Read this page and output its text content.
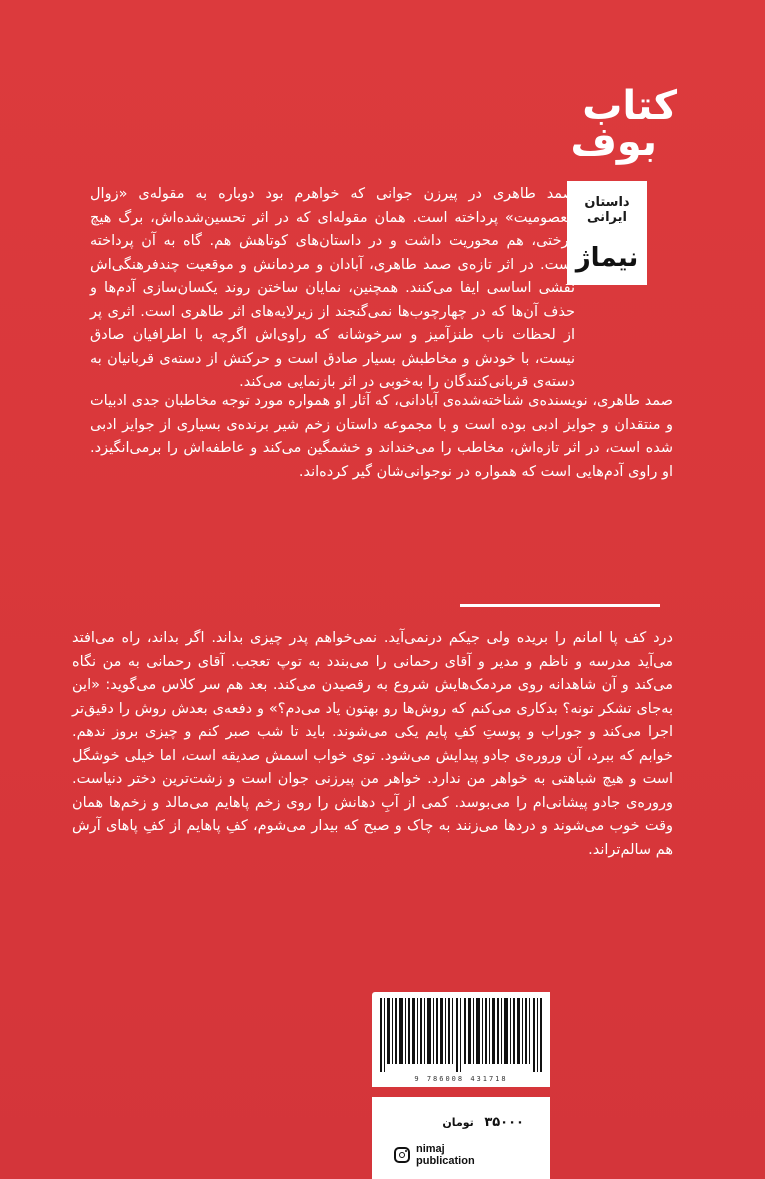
کتاب
بوف
داستان ایرانی
نیماژ

صمد طاهری در پیرزن جوانی که خواهرم بود دوباره به مقوله‌ی «زوال معصومیت» پرداخته است. همان مقوله‌ای که در اثر تحسین‌شده‌اش، برگ هیچ درختی، هم محوریت داشت و در داستان‌های کوتاهش هم. گاه به آن پرداخته است. در اثر تازه‌ی صمد طاهری، آبادان و مردمانش و موقعیت چندفرهنگی‌اش نقشی اساسی ایفا می‌کنند. همچنین، نمایان ساختن روند یکسان‌سازی آدم‌ها و حذف آن‌ها که در چهارچوب‌ها نمی‌گنجند از زیرلایه‌های اثر طاهری است. اثری پر از لحظات ناب طنزآمیز و سرخوشانه که راوی‌اش اگرچه با اطرافیان صادق نیست، با خودش و مخاطبش بسیار صادق است و حرکتش از دسته‌ی قربانیان به دسته‌ی قربانی‌کنندگان را به‌خوبی در اثر بازنمایی می‌کند.

صمد طاهری، نویسنده‌ی شناخته‌شده‌ی آبادانی، که آثار او همواره مورد توجه مخاطبان جدی ادبیات و منتقدان و جوایز ادبی بوده است و با مجموعه داستان زخم شیر برنده‌ی بسیاری از جوایز ادبی شده است، در اثر تازه‌اش، مخاطب را می‌خنداند و خشمگین می‌کند و عاطفه‌اش را برمی‌انگیزد. او راوی آدم‌هایی است که همواره در نوجوانی‌شان گیر کرده‌اند.

درد کف پا امانم را بریده ولی جیکم درنمی‌آید. نمی‌خواهم پدر چیزی بداند. اگر بداند، راه می‌افتد می‌آید مدرسه و ناظم و مدیر و آقای رحمانی را می‌بندد به توپ تعجب. آقای رحمانی به من نگاه می‌کند و آن شاهدانه روی مردمک‌هایش شروع به رقصیدن می‌کند. بعد هم سر کلاس می‌گوید: «این به‌جای تشکر تونه؟ بدکاری می‌کنم که روش‌ها رو بهتون یاد می‌دم؟» و دفعه‌ی بعدش روش را دقیق‌تر اجرا می‌کند و جوراب و پوستِ کفِ پایم یکی می‌شوند. باید تا شب صبر کنم و چیزی بروز ندهم. خوابم که ببرد، آن وروره‌ی جادو پیدایش می‌شود. توی خواب اسمش صدیقه است، اما خیلی خوشگل است و هیچ شباهتی به خواهر من ندارد. خواهر من پیرزنی جوان است و زشت‌ترین دختر دنیاست. وروره‌ی جادو پیشانی‌ام را می‌بوسد. کمی از آبِ دهانش را روی زخم پاهایم می‌مالد و زخم‌ها همان وقت خوب می‌شوند و دردها می‌زنند به چاک و صبح که بیدار می‌شوم، کفِ پاهایم از کفِ پاهای آرش هم سالم‌تراند.

9 786008 431718
۳۵۰۰۰ تومان
nimaj
publication
